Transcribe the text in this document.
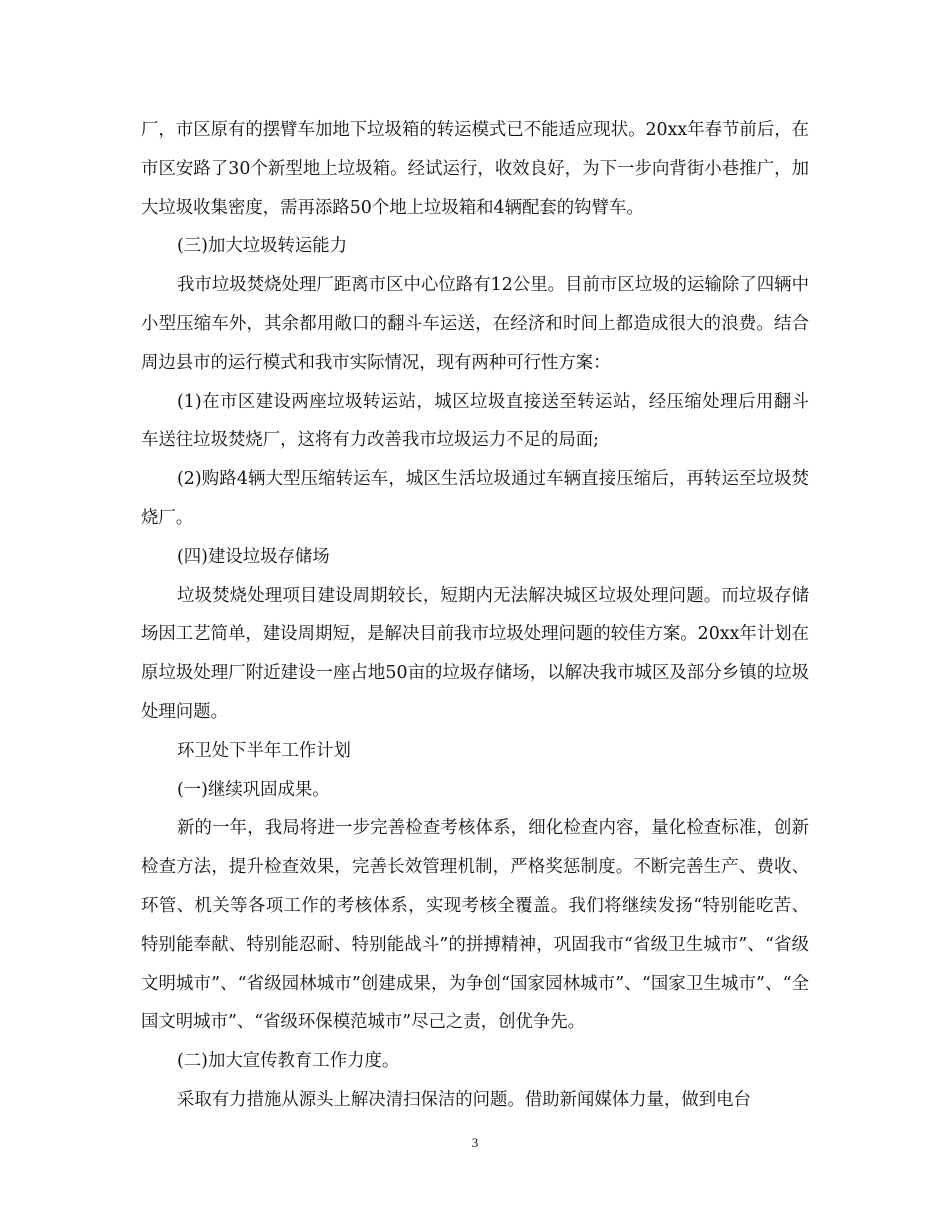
厂，市区原有的摆臂车加地下垃圾箱的转运模式已不能适应现状。20xx年春节前后，在市区安路了30个新型地上垃圾箱。经试运行，收效良好，为下一步向背街小巷推广，加大垃圾收集密度，需再添路50个地上垃圾箱和4辆配套的钩臂车。

(三)加大垃圾转运能力

我市垃圾焚烧处理厂距离市区中心位路有12公里。目前市区垃圾的运输除了四辆中小型压缩车外，其余都用敞口的翻斗车运送，在经济和时间上都造成很大的浪费。结合周边县市的运行模式和我市实际情况，现有两种可行性方案：

(1)在市区建设两座垃圾转运站，城区垃圾直接送至转运站，经压缩处理后用翻斗车送往垃圾焚烧厂，这将有力改善我市垃圾运力不足的局面;

(2)购路4辆大型压缩转运车，城区生活垃圾通过车辆直接压缩后，再转运至垃圾焚烧厂。

(四)建设垃圾存储场

垃圾焚烧处理项目建设周期较长，短期内无法解决城区垃圾处理问题。而垃圾存储场因工艺简单，建设周期短，是解决目前我市垃圾处理问题的较佳方案。20xx年计划在原垃圾处理厂附近建设一座占地50亩的垃圾存储场，以解决我市城区及部分乡镇的垃圾处理问题。

环卫处下半年工作计划

(一)继续巩固成果。

新的一年，我局将进一步完善检查考核体系，细化检查内容，量化检查标准，创新检查方法，提升检查效果，完善长效管理机制，严格奖惩制度。不断完善生产、费收、环管、机关等各项工作的考核体系，实现考核全覆盖。我们将继续发扬“特别能吃苦、特别能奉献、特别能忍耐、特别能战斗”的拼搏精神，巩固我市“省级卫生城市”、“省级文明城市”、“省级园林城市”创建成果，为争创“国家园林城市”、“国家卫生城市”、“全国文明城市”、“省级环保模范城市”尽己之责，创优争先。

(二)加大宣传教育工作力度。

采取有力措施从源头上解决清扫保洁的问题。借助新闻媒体力量，做到电台

3
